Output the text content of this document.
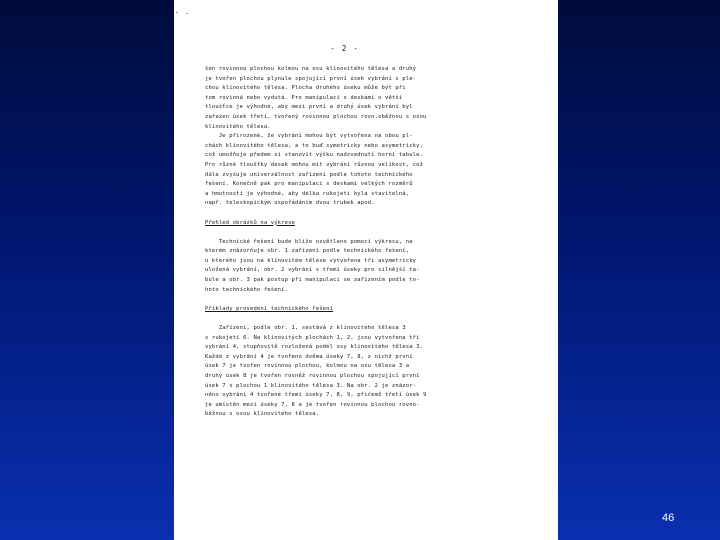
- 2 -
šen rovinnou plochou kolmou na osu klínovitého tělesa a druhý
je tvořen plochou plynule spojující první úsek vybrání s ple-
chou klínovitého tělesa. Plocha druhého úseku může být při
tom rovinná nebo vydutá. Pro manipulaci s deskami o větší
tloušťce je výhodné, aby mezi první a druhý úsek vybrání byl
zařazen úsek třetí, tvořený rovinnou plochou rovn,oběžnou s osou
klínovitého tělesa.
Je přirozené, že vybrání mohou být vytvořena na obou pl-
chách klínovitého tělesa, a to buď symetricky nebo asymetricky,
což umožňuje předem si stanovit výšku nadzvednutí horní tabule.
Pro různé tloušťky desek mohou mít vybrání různou velikost, což
dále zvyšuje univerzálnost zařízení podle tohoto technického
řešení. Konečně pak pro manipulaci s deskami velkých rozměrů
a hmotností je výhodné, aby délka rukojeti byla stavitelná,
např. teleskopickým uspořádáním dvou trubek apod.
Přehled obrázků na výkrese
Technické řešení bude blíže osvětleno pomocí výkresu, na
kterém znázorňuje obr. 1 zařízení podle technického řešení,
u kterého jsou na klínovitém tělese vytvořena tři asymetricky
uložená vybrání, obr. 2 vybrání s třemi úseky pro silnější ta-
bule a obr. 3 pak postup při manipulaci se zařízením podle to-
hoto technického řešení.
Příklady provedení technického řešení
Zařízení, podle obr. 1, sestává z klínovitého tělesa 3
s rukojetí 6. Na klínovitých plochách 1, 2, jsou vytvořena tři
vybrání 4, stupňovitě rozložená podél osy klínovitého tělesa 3.
Každé z vybrání 4 je tvořeno dvěma úseky 7, 8, z nichž první
úsek 7 je tvořen rovinnou plochou, kolmou na osu tělesa 3 a
druhý úsek 8 je tvořen rovněž rovinnou plochou spojující první
úsek 7 s plochou 1 klínovitého tělesa 3. Na obr. 2 je znázor-
něno vybrání 4 tvořené třemi úseky 7, 8, 9, přičemž třetí úsek 9
je umístěn mezi úseky 7, 8 a je tvořen rovinnou plochou rovno-
běžnou s osou klínovitého tělesa.
46
